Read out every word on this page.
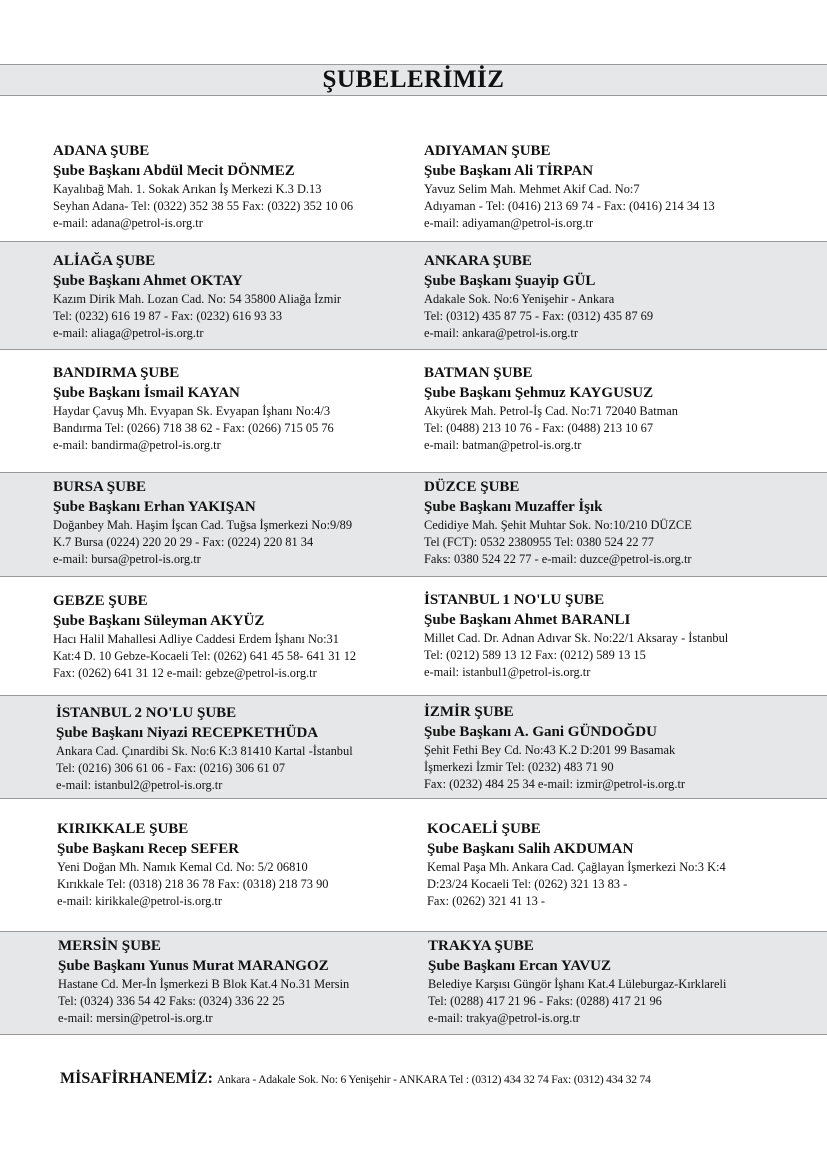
ŞUBELERİMİZ
ADANA ŞUBE
Şube Başkanı Abdül Mecit DÖNMEZ
Kayalıbağ Mah. 1. Sokak Arıkan İş Merkezi K.3 D.13
Seyhan Adana- Tel: (0322) 352 38 55 Fax: (0322) 352 10 06
e-mail: adana@petrol-is.org.tr
ADIYAMAN ŞUBE
Şube Başkanı Ali TİRPAN
Yavuz Selim Mah. Mehmet Akif Cad. No:7
Adıyaman - Tel: (0416) 213 69 74 - Fax: (0416) 214 34 13
e-mail: adiyaman@petrol-is.org.tr
ALİAĞA ŞUBE
Şube Başkanı Ahmet OKTAY
Kazım Dirik Mah. Lozan Cad. No: 54 35800 Aliağa İzmir
Tel: (0232) 616 19 87 - Fax: (0232) 616 93 33
e-mail: aliaga@petrol-is.org.tr
ANKARA ŞUBE
Şube Başkanı Şuayip GÜL
Adakale Sok. No:6 Yenişehir - Ankara
Tel: (0312) 435 87 75 - Fax: (0312) 435 87 69
e-mail: ankara@petrol-is.org.tr
BANDIRMA ŞUBE
Şube Başkanı İsmail KAYAN
Haydar Çavuş Mh. Evyapan Sk. Evyapan İşhanı No:4/3
Bandırma Tel: (0266) 718 38 62 - Fax: (0266) 715 05 76
e-mail: bandirma@petrol-is.org.tr
BATMAN ŞUBE
Şube Başkanı Şehmuz KAYGUSUZ
Akyürek Mah. Petrol-İş Cad. No:71 72040 Batman
Tel: (0488) 213 10 76 - Fax: (0488) 213 10 67
e-mail: batman@petrol-is.org.tr
BURSA ŞUBE
Şube Başkanı Erhan YAKIŞAN
Doğanbey Mah. Haşim İşcan Cad. Tuğsa İşmerkezi No:9/89
K.7 Bursa (0224) 220 20 29 - Fax: (0224) 220 81 34
e-mail: bursa@petrol-is.org.tr
DÜZCE ŞUBE
Şube Başkanı Muzaffer İşık
Cedidiye Mah. Şehit Muhtar Sok. No:10/210 DÜZCE
Tel (FCT): 0532 2380955 Tel: 0380 524 22 77
Faks: 0380 524 22 77 - e-mail: duzce@petrol-is.org.tr
GEBZE ŞUBE
Şube Başkanı Süleyman AKYÜZ
Hacı Halil Mahallesi Adliye Caddesi Erdem İşhanı No:31
Kat:4 D. 10 Gebze-Kocaeli Tel: (0262) 641 45 58- 641 31 12
Fax: (0262) 641 31 12 e-mail: gebze@petrol-is.org.tr
İSTANBUL 1 NO'LU ŞUBE
Şube Başkanı Ahmet BARANLI
Millet Cad. Dr. Adnan Adıvar Sk. No:22/1 Aksaray - İstanbul
Tel: (0212) 589 13 12 Fax: (0212) 589 13 15
e-mail: istanbul1@petrol-is.org.tr
İSTANBUL 2 NO'LU ŞUBE
Şube Başkanı Niyazi RECEPKETHÜDA
Ankara Cad. Çınardibi Sk. No:6 K:3 81410 Kartal -İstanbul
Tel: (0216) 306 61 06 - Fax: (0216) 306 61 07
e-mail: istanbul2@petrol-is.org.tr
İZMİR ŞUBE
Şube Başkanı A. Gani GÜNDOĞDU
Şehit Fethi Bey Cd. No:43 K.2 D:201 99 Basamak
İşmerkezi İzmir Tel: (0232) 483 71 90
Fax: (0232) 484 25 34 e-mail: izmir@petrol-is.org.tr
KIRIKKALE ŞUBE
Şube Başkanı Recep SEFER
Yeni Doğan Mh. Namık Kemal Cd. No: 5/2 06810
Kırıkkale Tel: (0318) 218 36 78 Fax: (0318) 218 73 90
e-mail: kirikkale@petrol-is.org.tr
KOCAELİ ŞUBE
Şube Başkanı Salih AKDUMAN
Kemal Paşa Mh. Ankara Cad. Çağlayan İşmerkezi No:3 K:4
D:23/24 Kocaeli Tel: (0262) 321 13 83 -
Fax: (0262) 321 41 13 -
MERSİN ŞUBE
Şube Başkanı Yunus Murat MARANGOZ
Hastane Cd. Mer-İn İşmerkezi B Blok Kat.4 No.31 Mersin
Tel: (0324) 336 54 42 Faks: (0324) 336 22 25
e-mail: mersin@petrol-is.org.tr
TRAKYA ŞUBE
Şube Başkanı Ercan YAVUZ
Belediye Karşısı Güngör İşhanı Kat.4 Lüleburgaz-Kırklareli
Tel: (0288) 417 21 96 - Faks: (0288) 417 21 96
e-mail: trakya@petrol-is.org.tr
MİSAFİRHANEMİZ: Ankara - Adakale Sok. No: 6 Yenişehir - ANKARA Tel : (0312) 434 32 74 Fax: (0312) 434 32 74
